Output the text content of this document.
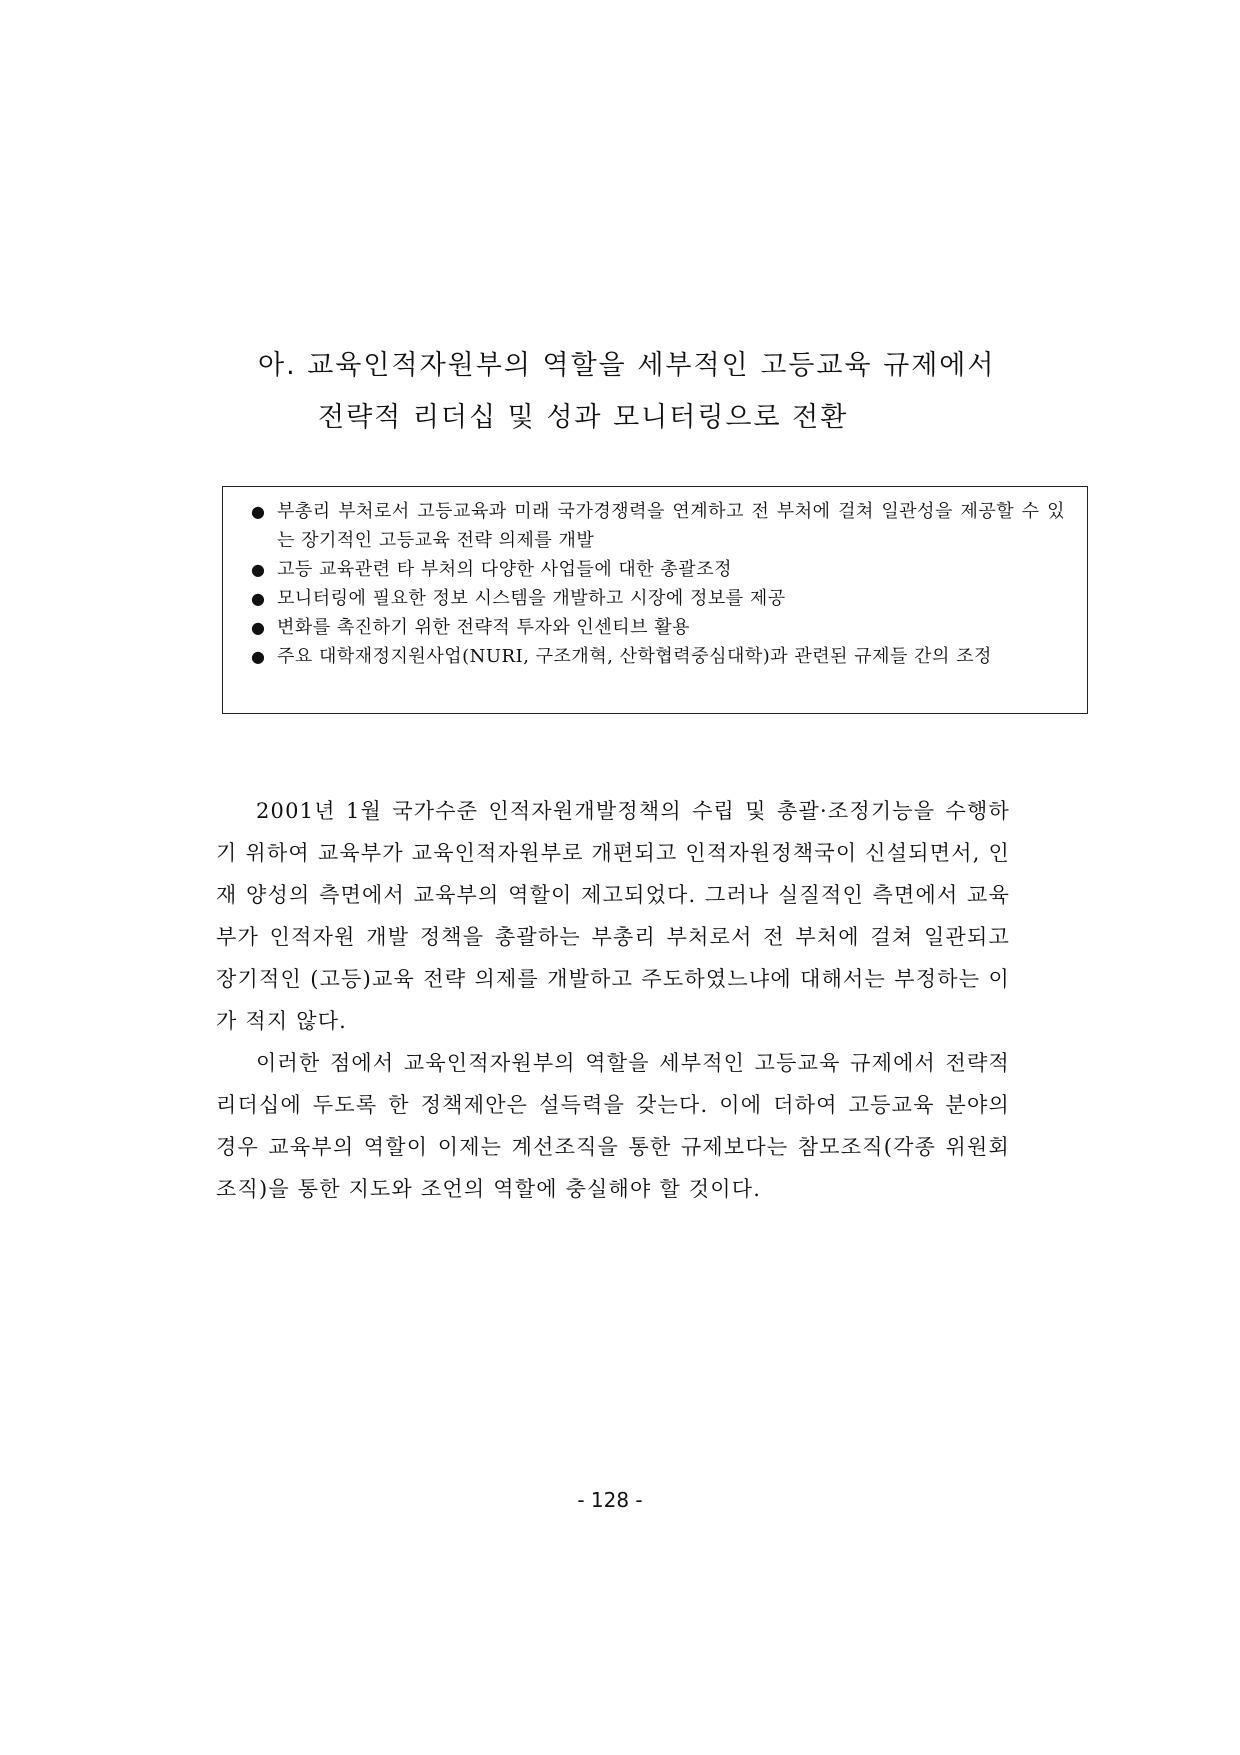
아. 교육인적자원부의 역할을 세부적인 고등교육 규제에서
전략적 리더십 및 성과 모니터링으로 전환
● 부총리 부처로서 고등교육과 미래 국가경쟁력을 연계하고 전 부처에 걸쳐 일관성을 제공할 수 있는 장기적인 고등교육 전략 의제를 개발
● 고등 교육관련 타 부처의 다양한 사업들에 대한 총괄조정
● 모니터링에 필요한 정보 시스템을 개발하고 시장에 정보를 제공
● 변화를 촉진하기 위한 전략적 투자와 인센티브 활용
● 주요 대학재정지원사업(NURI, 구조개혁, 산학협력중심대학)과 관련된 규제들 간의 조정

2001년 1월 국가수준 인적자원개발정책의 수립 및 총괄·조정기능을 수행하기 위하여 교육부가 교육인적자원부로 개편되고 인적자원정책국이 신설되면서, 인재 양성의 측면에서 교육부의 역할이 제고되었다. 그러나 실질적인 측면에서 교육부가 인적자원 개발 정책을 총괄하는 부총리 부처로서 전 부처에 걸쳐 일관되고 장기적인 (고등)교육 전략 의제를 개발하고 주도하였느냐에 대해서는 부정하는 이가 적지 않다.

이러한 점에서 교육인적자원부의 역할을 세부적인 고등교육 규제에서 전략적 리더십에 두도록 한 정책제안은 설득력을 갖는다. 이에 더하여 고등교육 분야의 경우 교육부의 역할이 이제는 계선조직을 통한 규제보다는 참모조직(각종 위원회 조직)을 통한 지도와 조언의 역할에 충실해야 할 것이다.

- 128 -
